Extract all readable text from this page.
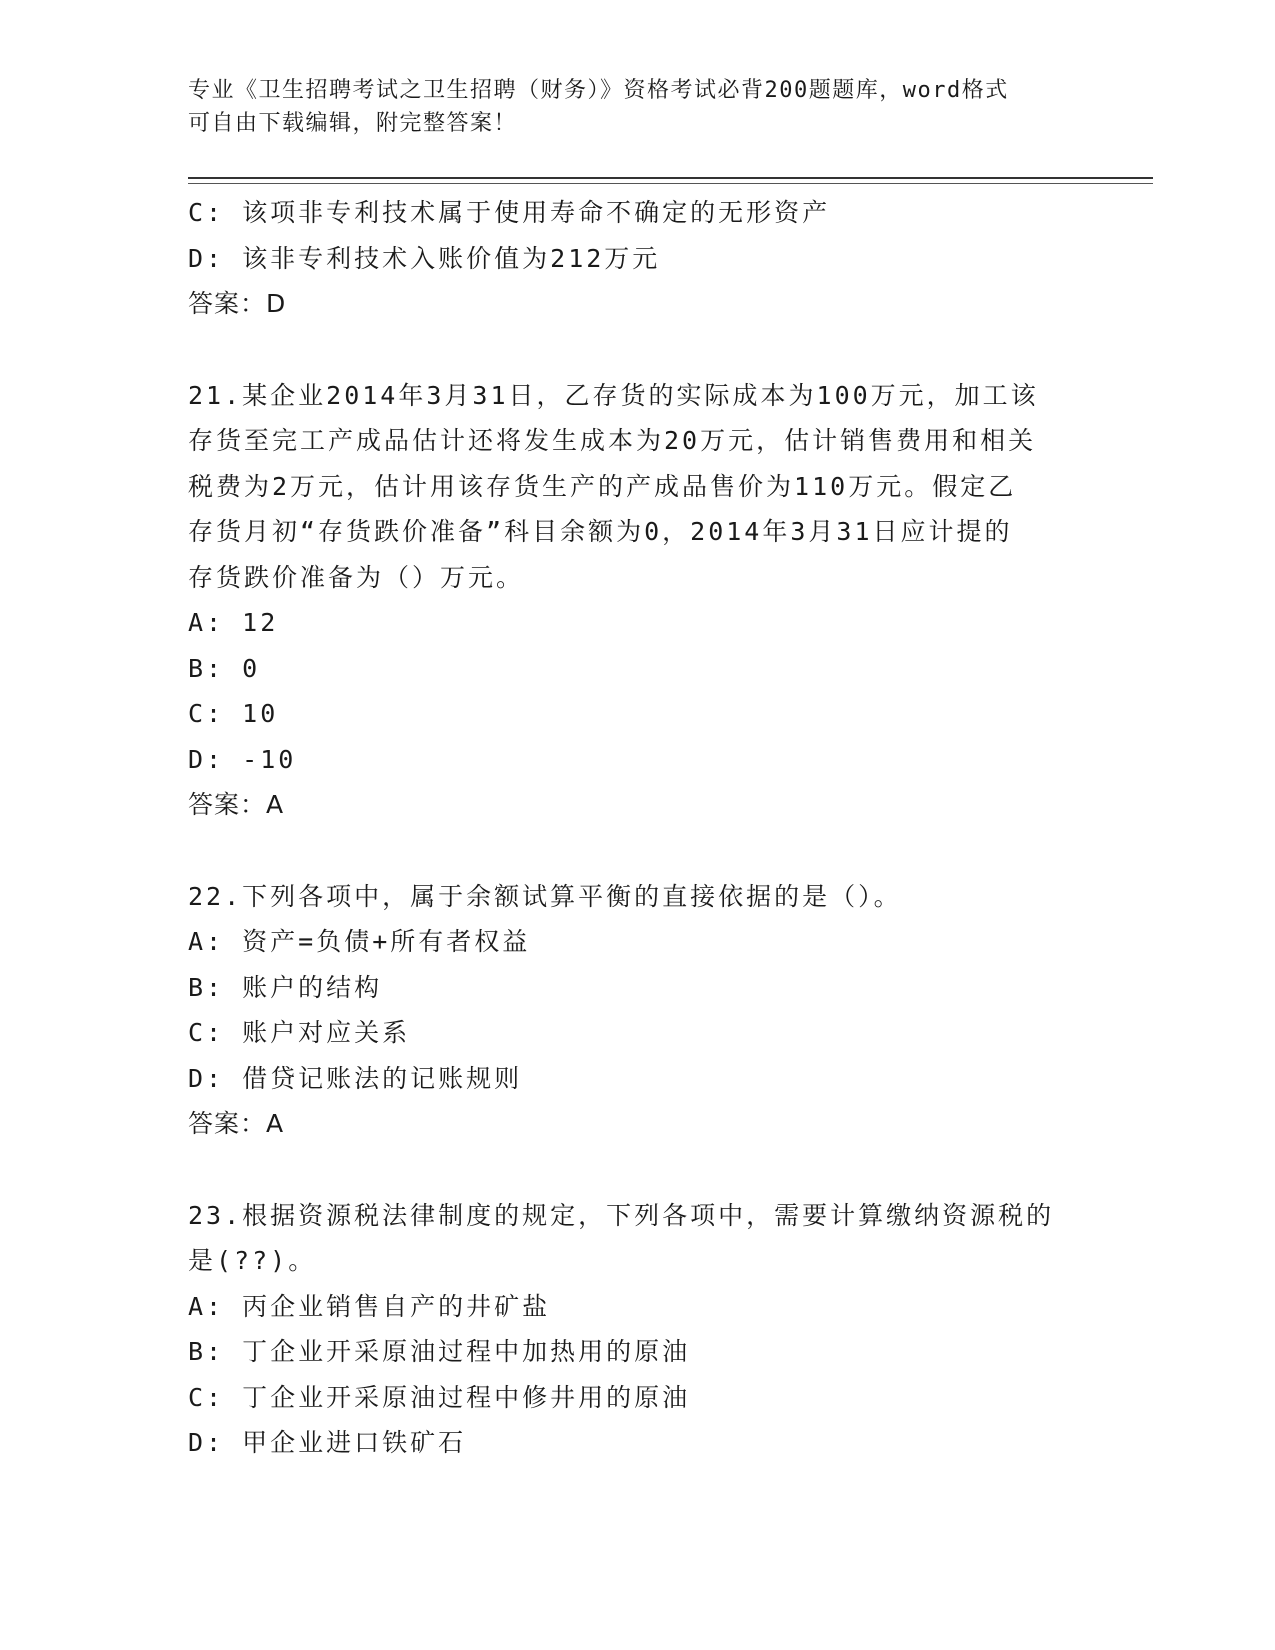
专业《卫生招聘考试之卫生招聘（财务）》资格考试必背200题题库，word格式
可自由下载编辑，附完整答案！
C: 该项非专利技术属于使用寿命不确定的无形资产
D: 该非专利技术入账价值为212万元
答案：D
21.某企业2014年3月31日，乙存货的实际成本为100万元，加工该
存货至完工产成品估计还将发生成本为20万元，估计销售费用和相关
税费为2万元，估计用该存货生产的产成品售价为110万元。假定乙
存货月初“存货跌价准备”科目余额为0，2014年3月31日应计提的
存货跌价准备为（）万元。
A: 12
B: 0
C: 10
D: -10
答案：A
22.下列各项中，属于余额试算平衡的直接依据的是（）。
A: 资产=负债+所有者权益
B: 账户的结构
C: 账户对应关系
D: 借贷记账法的记账规则
答案：A
23.根据资源税法律制度的规定，下列各项中，需要计算缴纳资源税的
是(??)。
A: 丙企业销售自产的井矿盐
B: 丁企业开采原油过程中加热用的原油
C: 丁企业开采原油过程中修井用的原油
D: 甲企业进口铁矿石
